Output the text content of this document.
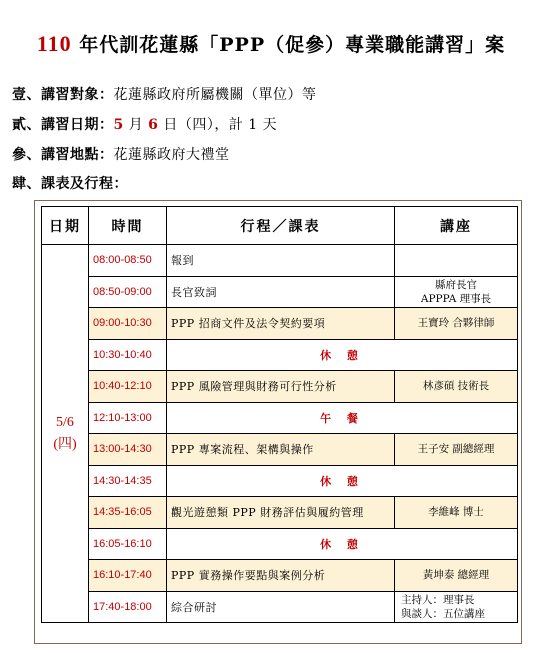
110 年代訓花蓮縣「PPP（促參）專業職能講習」案
壹、講習對象：花蓮縣政府所屬機關（單位）等
貳、講習日期：5 月 6 日（四），計 1 天
參、講習地點：花蓮縣政府大禮堂
肆、課表及行程：
日期	時間	行程／課表	講座

5/6
(四)	08:00-08:50	報到	
	08:50-09:00	長官致詞	縣府長官
APPPA 理事長

	09:00-10:30	PPP 招商文件及法令契約要項	王寶玲 合夥律師
	10:30-10:40	休 憩	
	10:40-12:10	PPP 風險管理與財務可行性分析	林彥碩 技術長
	12:10-13:00	午 餐	
	13:00-14:30	PPP 專案流程、架構與操作	王子安 副總經理
	14:30-14:35	休 憩	
	14:35-16:05	觀光遊憩類 PPP 財務評估與履約管理	李維峰 博士
	16:05-16:10	休 憩	
	16:10-17:40	PPP 實務操作要點與案例分析	黃坤泰 總經理
	17:40-18:00	綜合研討	主持人：理事長
與談人：五位講座
